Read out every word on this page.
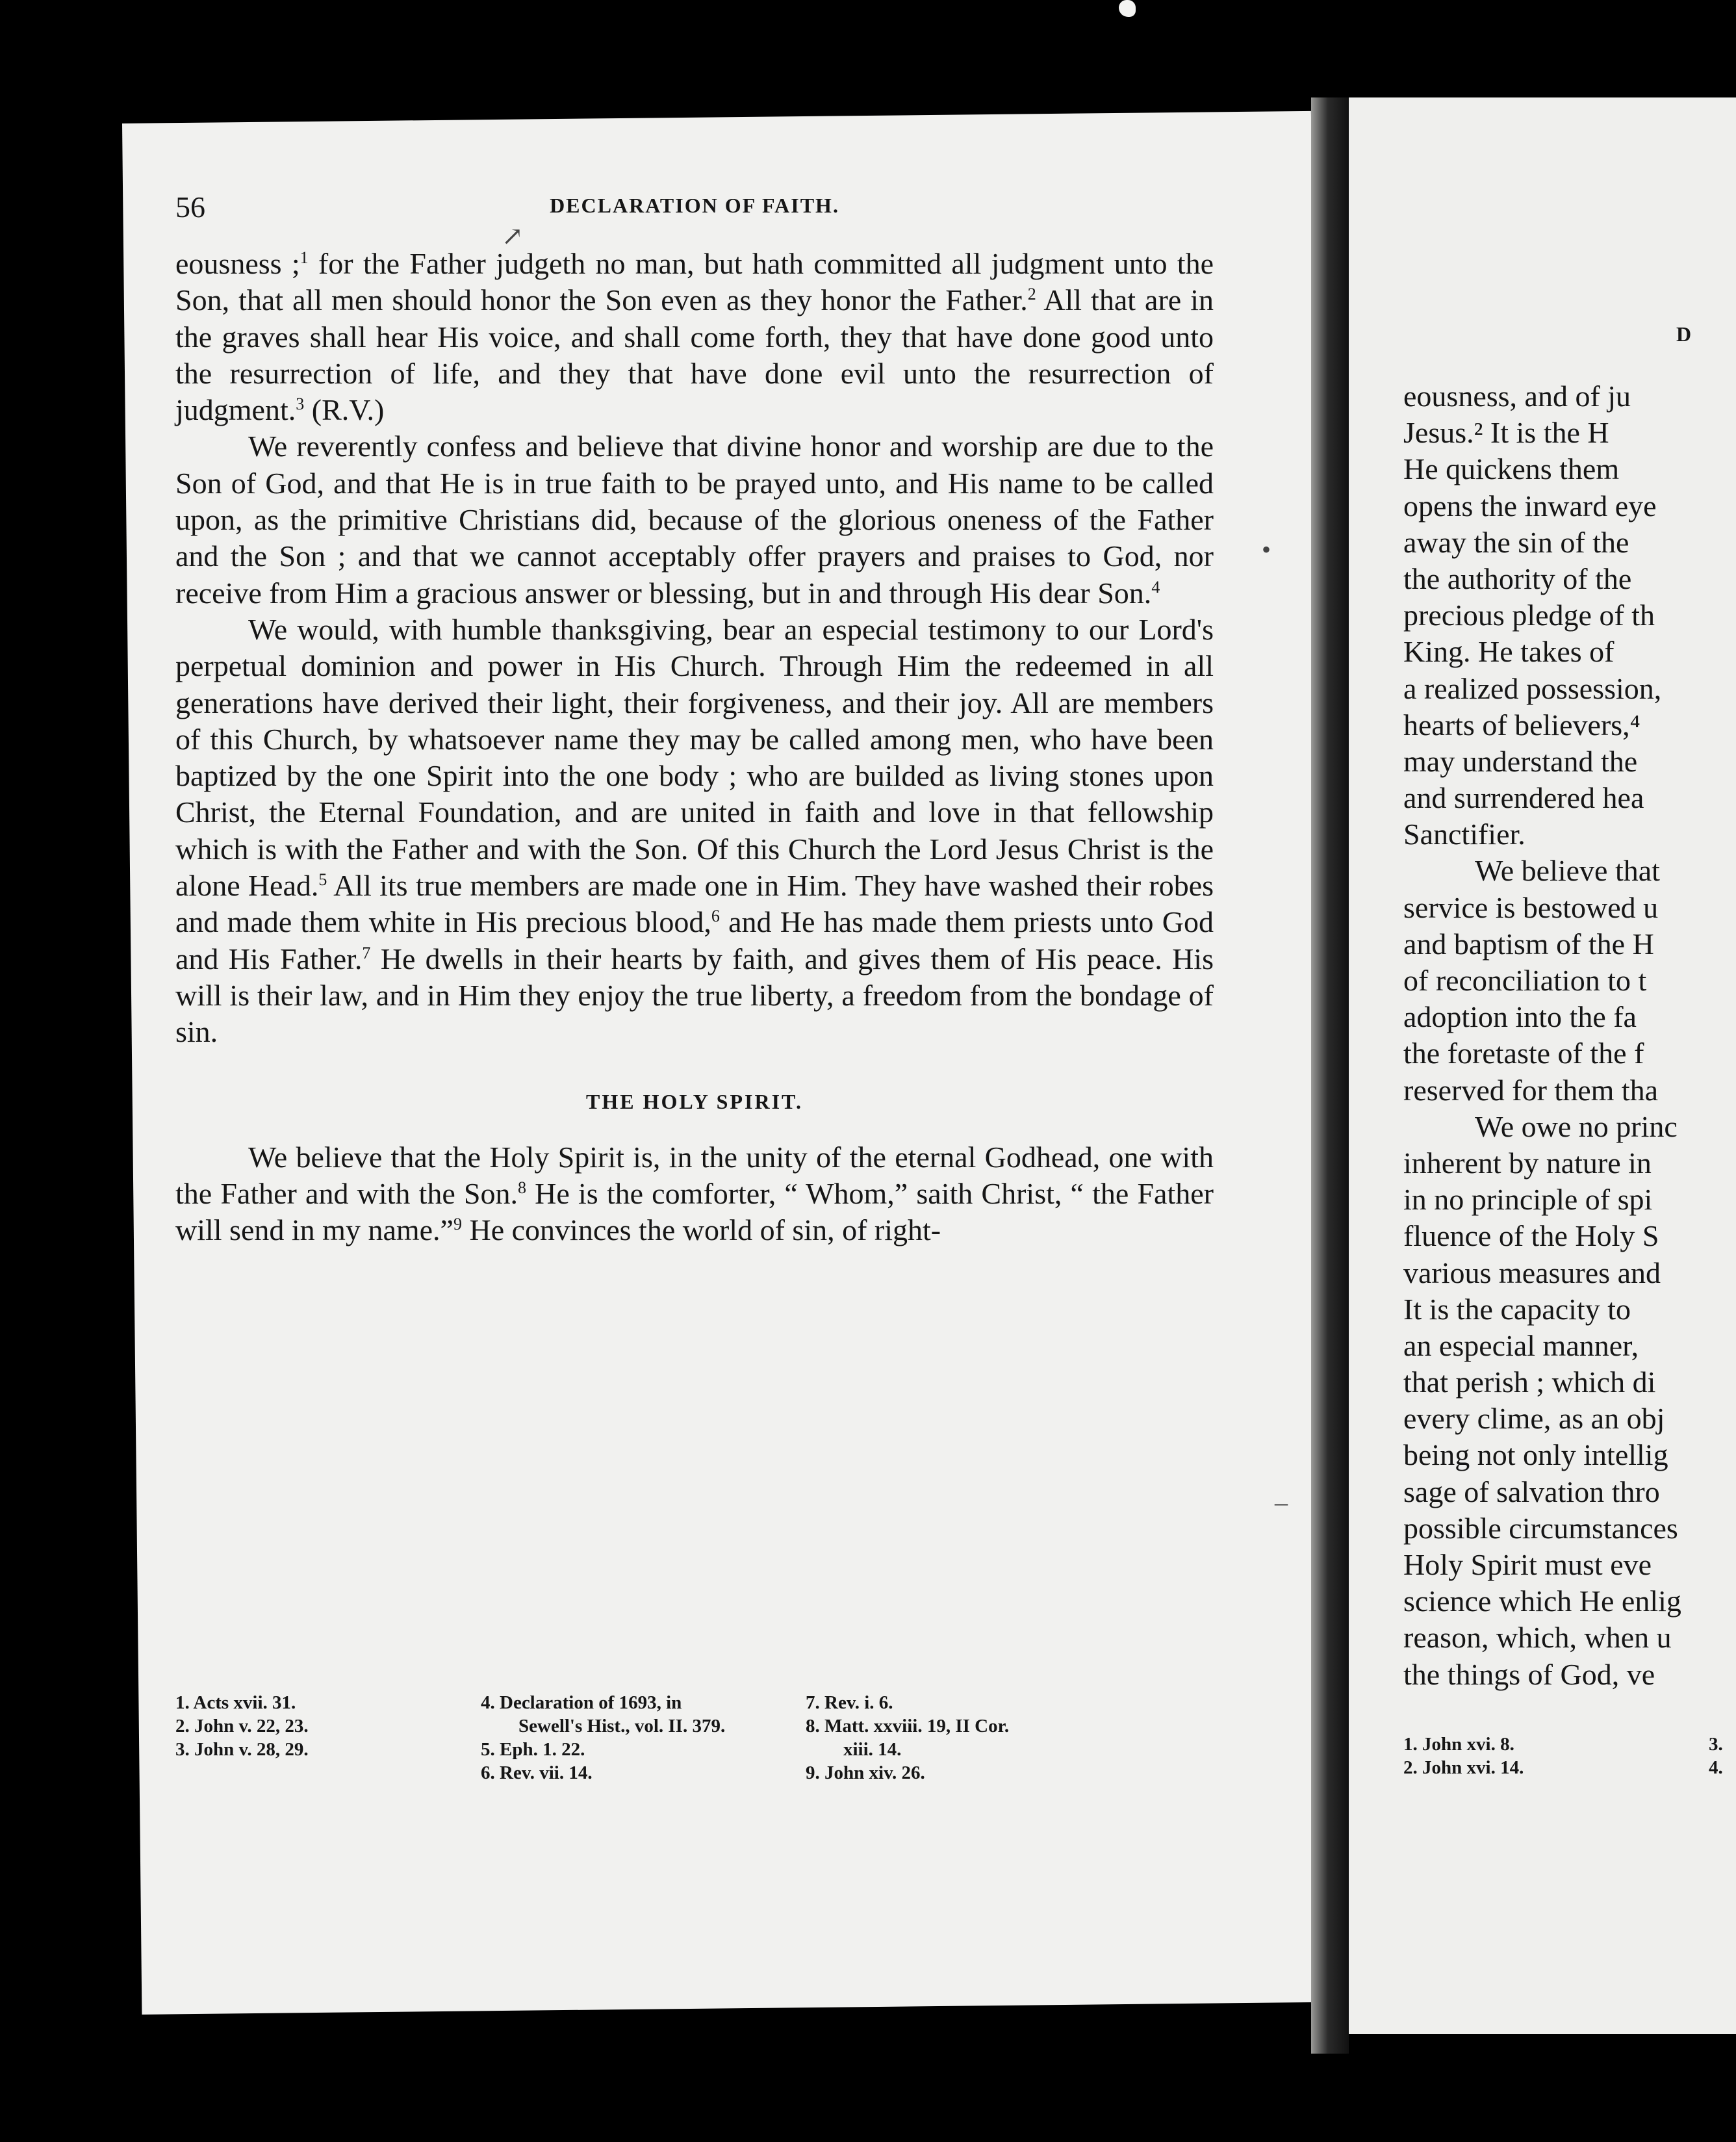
56	DECLARATION OF FAITH.

eousness ;$^1$ for the Father judgeth no man, but hath committed all judgment unto the Son, that all men should honor the Son even as they honor the Father.$^2$ All that are in the graves shall hear His voice, and shall come forth, they that have done good unto the resurrection of life, and they that have done evil unto the resurrection of judgment.$^3$ (R.V.)

We reverently confess and believe that divine honor and worship are due to the Son of God, and that He is in true faith to be prayed unto, and His name to be called upon, as the primitive Christians did, because of the glorious oneness of the Father and the Son ; and that we cannot acceptably offer prayers and praises to God, nor receive from Him a gracious answer or blessing, but in and through His dear Son.$^4$

We would, with humble thanksgiving, bear an especial testimony to our Lord's perpetual dominion and power in His Church. Through Him the redeemed in all generations have derived their light, their forgiveness, and their joy. All are members of this Church, by whatsoever name they may be called among men, who have been baptized by the one Spirit into the one body ; who are builded as living stones upon Christ, the Eternal Foundation, and are united in faith and love in that fellowship which is with the Father and with the Son. Of this Church the Lord Jesus Christ is the alone Head.$^5$ All its true members are made one in Him. They have washed their robes and made them white in His precious blood,$^6$ and He has made them priests unto God and His Father.$^7$ He dwells in their hearts by faith, and gives them of His peace. His will is their law, and in Him they enjoy the true liberty, a freedom from the bondage of sin.

THE HOLY SPIRIT.

We believe that the Holy Spirit is, in the unity of the eternal Godhead, one with the Father and with the Son.$^8$ He is the comforter, “ Whom,” saith Christ, “ the Father will send in my name.”$^9$ He convinces the world of sin, of right-

1. Acts xvii. 31.
2. John v. 22, 23.
3. John v. 28, 29.
4. Declaration of 1693, in
Sewell's Hist., vol. II. 379.
5. Eph. 1. 22.
6. Rev. vii. 14.
7. Rev. i. 6.
8. Matt. xxviii. 19, II Cor.
xiii. 14.
9. John xiv. 26.
D
eousness, and of ju
Jesus.² It is the H
He quickens them
opens the inward eye
away the sin of the
the authority of the
precious pledge of th
King. He takes of
a realized possession,
hearts of believers,⁴
may understand the
and surrendered hea
Sanctifier.
We believe that
service is bestowed u
and baptism of the H
of reconciliation to t
adoption into the fa
the foretaste of the f
reserved for them tha
We owe no princ
inherent by nature in
in no principle of spi
fluence of the Holy S
various measures and
It is the capacity to
an especial manner,
that perish ; which di
every clime, as an obj
being not only intellig
sage of salvation thro
possible circumstances
Holy Spirit must eve
science which He enlig
reason, which, when u
the things of God, ve
1. John xvi. 8.
2. John xvi. 14.
3.
4.
↗
•
–
